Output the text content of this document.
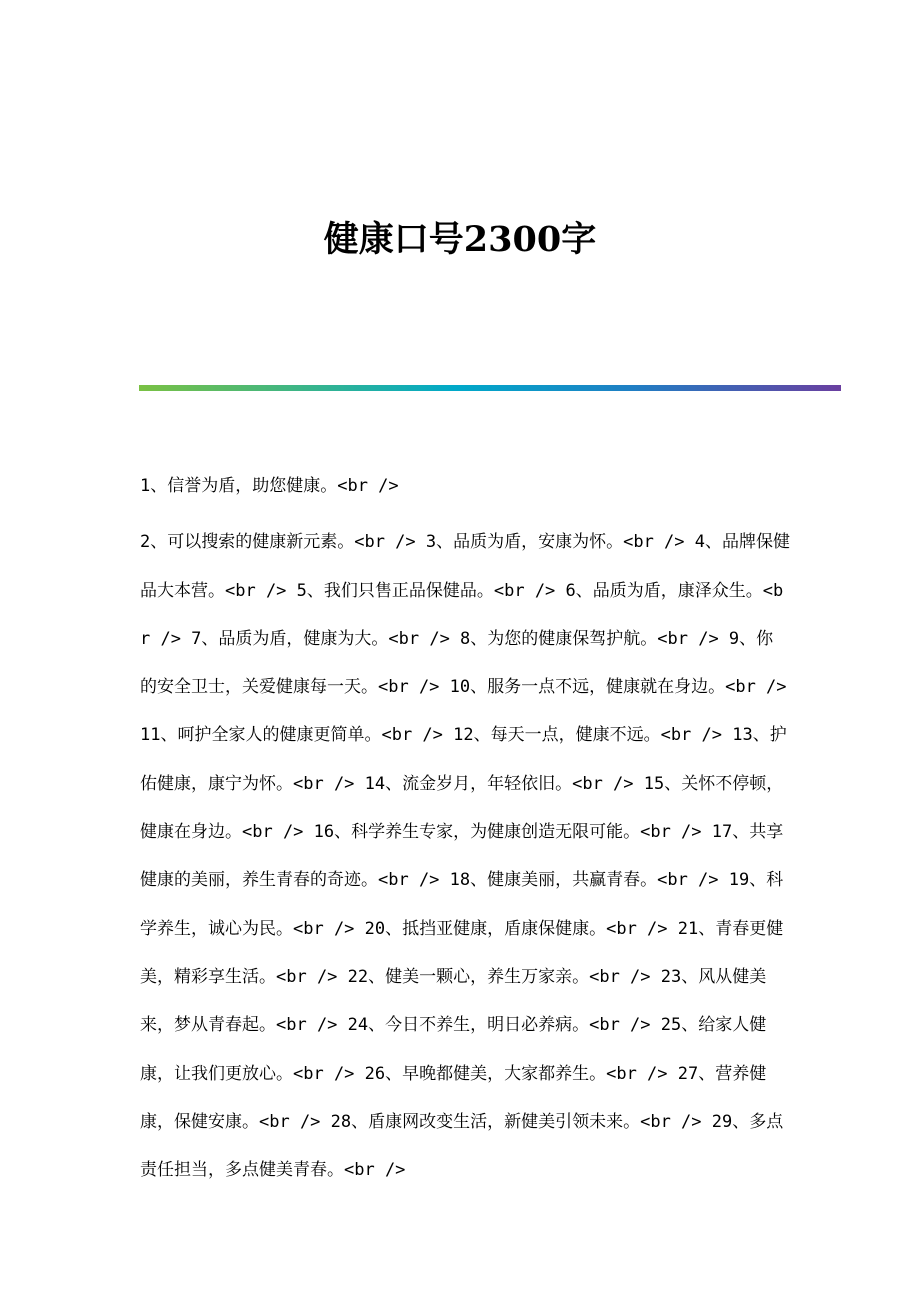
健康口号2300字

1、信誉为盾，助您健康。<br />

2、可以搜索的健康新元素。<br /> 3、品质为盾，安康为怀。<br /> 4、品牌保健品大本营。<br /> 5、我们只售正品保健品。<br /> 6、品质为盾，康泽众生。<br /> 7、品质为盾，健康为大。<br /> 8、为您的健康保驾护航。<br /> 9、你的安全卫士，关爱健康每一天。<br /> 10、服务一点不远，健康就在身边。<br /> 11、呵护全家人的健康更简单。<br /> 12、每天一点，健康不远。<br /> 13、护佑健康，康宁为怀。<br /> 14、流金岁月，年轻依旧。<br /> 15、关怀不停顿，健康在身边。<br /> 16、科学养生专家，为健康创造无限可能。<br /> 17、共享健康的美丽，养生青春的奇迹。<br /> 18、健康美丽，共赢青春。<br /> 19、科学养生，诚心为民。<br /> 20、抵挡亚健康，盾康保健康。<br /> 21、青春更健美，精彩享生活。<br /> 22、健美一颗心，养生万家亲。<br /> 23、风从健美来，梦从青春起。<br /> 24、今日不养生，明日必养病。<br /> 25、给家人健康，让我们更放心。<br /> 26、早晚都健美，大家都养生。<br /> 27、营养健康，保健安康。<br /> 28、盾康网改变生活，新健美引领未来。<br /> 29、多点责任担当，多点健美青春。<br />
